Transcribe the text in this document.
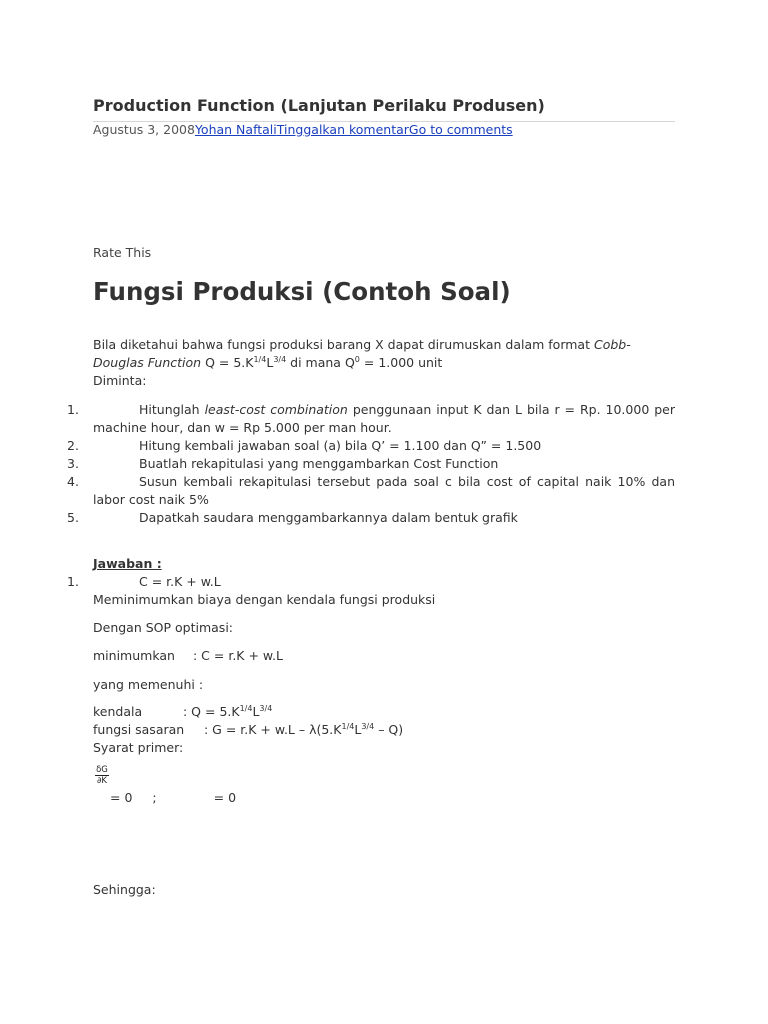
Production Function (Lanjutan Perilaku Produsen)
Agustus 3, 2008Yohan NaftaliTinggalkan komentarGo to comments
Rate This
Fungsi Produksi (Contoh Soal)
Bila diketahui bahwa fungsi produksi barang X dapat dirumuskan dalam format Cobb-
Douglas Function $Q = 5.K^{1/4}L^{3/4}$ di mana $Q^0 = 1.000$ unit
Diminta:
1.	Hitunglah least-cost combination penggunaan input K dan L bila r = Rp. 10.000 per machine hour, dan w = Rp 5.000 per man hour.
2.	Hitung kembali jawaban soal (a) bila Q’ = 1.100 dan Q” = 1.500
3.	Buatlah rekapitulasi yang menggambarkan Cost Function
4.	Susun kembali rekapitulasi tersebut pada soal c bila cost of capital naik 10% dan labor cost naik 5%
5.	Dapatkah saudara menggambarkannya dalam bentuk grafik
Jawaban :
1.	C = r.K + w.L
Meminimumkan biaya dengan kendala fungsi produksi
Dengan SOP optimasi:
minimumkan : C = r.K + w.L
yang memenuhi :
kendala	: $Q = 5.K^{1/4}L^{3/4}$
fungsi sasaran : $G = r.K + w.L - \lambda(5.K^{1/4}L^{3/4} - Q)$
Syarat primer:
δG
∂K
= 0 ;	= 0
Sehingga:
